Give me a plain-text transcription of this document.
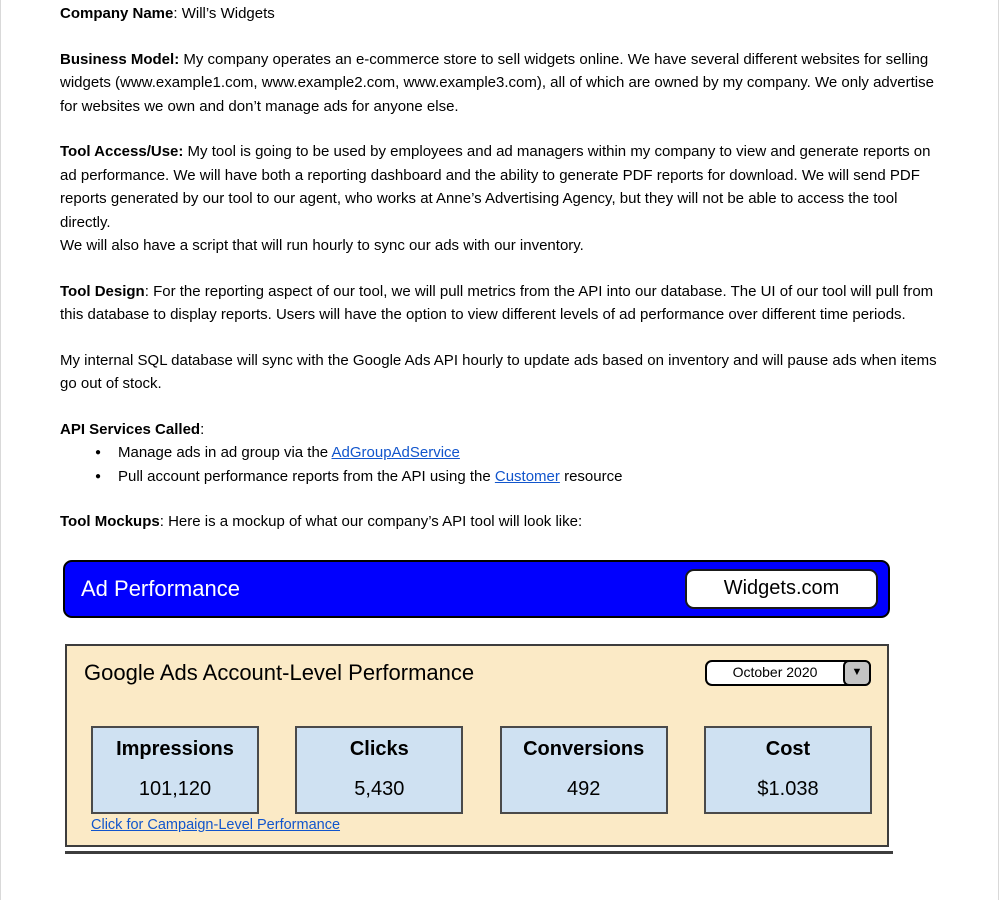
Company Name: Will’s Widgets

Business Model: My company operates an e-commerce store to sell widgets online. We have several different websites for selling widgets (www.example1.com, www.example2.com, www.example3.com), all of which are owned by my company. We only advertise for websites we own and don’t manage ads for anyone else.

Tool Access/Use: My tool is going to be used by employees and ad managers within my company to view and generate reports on ad performance. We will have both a reporting dashboard and the ability to generate PDF reports for download. We will send PDF reports generated by our tool to our agent, who works at Anne’s Advertising Agency, but they will not be able to access the tool directly.
We will also have a script that will run hourly to sync our ads with our inventory.

Tool Design: For the reporting aspect of our tool, we will pull metrics from the API into our database. The UI of our tool will pull from this database to display reports. Users will have the option to view different levels of ad performance over different time periods.

My internal SQL database will sync with the Google Ads API hourly to update ads based on inventory and will pause ads when items go out of stock.

API Services Called:
●	Manage ads in ad group via the AdGroupAdService
●	Pull account performance reports from the API using the Customer resource

Tool Mockups: Here is a mockup of what our company’s API tool will look like:

Ad Performance	Widgets.com
Google Ads Account-Level Performance	October 2020	▼
Impressions
101,120
Clicks
5,430
Conversions
492
Cost
$1.038
Click for Campaign-Level Performance
